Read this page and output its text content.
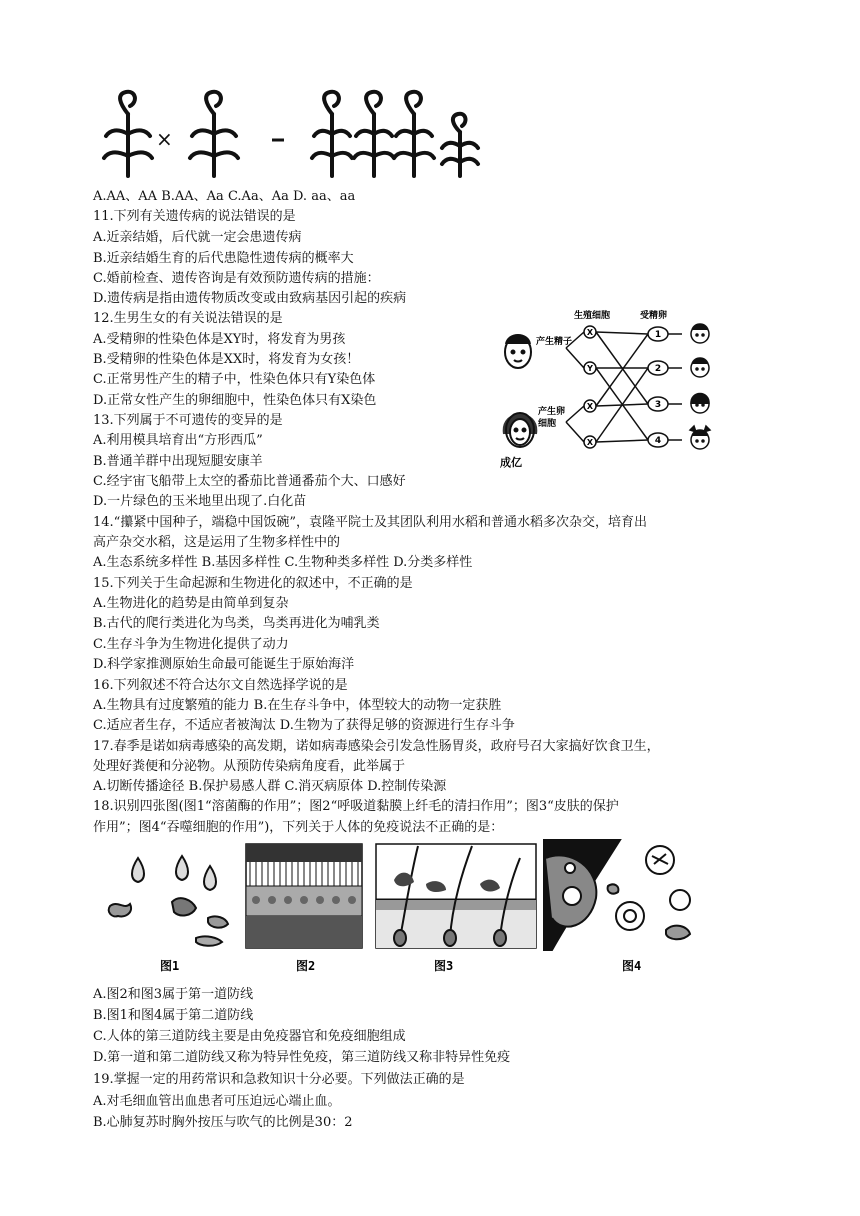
×
A.AA、AA B.AA、Aa C.Aa、Aa D. aa、aa
11.下列有关遗传病的说法错误的是
A.近亲结婚，后代就一定会患遗传病
B.近亲结婚生育的后代患隐性遗传病的概率大
C.婚前检查、遗传咨询是有效预防遗传病的措施：
D.遗传病是指由遗传物质改变或由致病基因引起的疾病
12.生男生女的有关说法错误的是
A.受精卵的性染色体是XY时，将发育为男孩
B.受精卵的性染色体是XX时，将发育为女孩！
C.正常男性产生的精子中，性染色体只有Y染色体
D.正常女性产生的卵细胞中，性染色体只有X染色
生殖细胞	受精卵
产生精子
产生卵
细胞
成亿
X
Y
X
X
1
2
3
4
13.下列属于不可遗传的变异的是
A.利用模具培育出“方形西瓜”
B.普通羊群中出现短腿安康羊
C.经宇宙飞船带上太空的番茄比普通番茄个大、口感好
D.一片绿色的玉米地里出现了.白化苗
14.“攥紧中国种子，端稳中国饭碗”，袁隆平院士及其团队利用水稻和普通水稻多次杂交，培育出
高产杂交水稻，这是运用了生物多样性中的
A.生态系统多样性 B.基因多样性 C.生物种类多样性 D.分类多样性
15.下列关于生命起源和生物进化的叙述中，不正确的是
A.生物进化的趋势是由简单到复杂
B.古代的爬行类进化为鸟类，鸟类再进化为哺乳类
C.生存斗争为生物进化提供了动力
D.科学家推测原始生命最可能诞生于原始海洋
16.下列叙述不符合达尔文自然选择学说的是
A.生物具有过度繁殖的能力 B.在生存斗争中，体型较大的动物一定获胜
C.适应者生存，不适应者被淘汰 D.生物为了获得足够的资源进行生存斗争
17.春季是诺如病毒感染的高发期，诺如病毒感染会引发急性肠胃炎，政府号召大家搞好饮食卫生，
处理好粪便和分泌物。从预防传染病角度看，此举属于
A.切断传播途径 B.保护易感人群 C.消灭病原体 D.控制传染源
18.识别四张图(图1“溶菌酶的作用”；图2“呼吸道黏膜上纤毛的清扫作用”；图3“皮肤的保护
作用”；图4“吞噬细胞的作用”)，下列关于人体的免疫说法不正确的是：
图1	图2	图3	图4
A.图2和图3属于第一道防线
B.图1和图4属于第二道防线
C.人体的第三道防线主要是由免疫器官和免疫细胞组成
D.第一道和第二道防线又称为特异性免疫，第三道防线又称非特异性免疫
19.掌握一定的用药常识和急救知识十分必要。下列做法正确的是
A.对毛细血管出血患者可压迫远心端止血。
B.心肺复苏时胸外按压与吹气的比例是30：2
